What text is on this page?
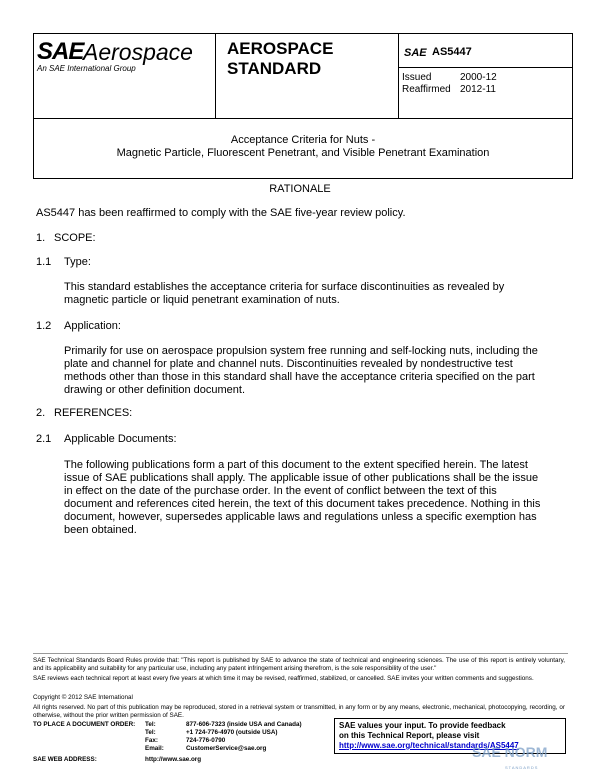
SAE Aerospace
An SAE International Group
AEROSPACE
STANDARD
SAE AS5447
Issued	2000-12
Reaffirmed 2012-11
Acceptance Criteria for Nuts -
Magnetic Particle, Fluorescent Penetrant, and Visible Penetrant Examination
RATIONALE
AS5447 has been reaffirmed to comply with the SAE five-year review policy.
1. SCOPE:
1.1 Type:
This standard establishes the acceptance criteria for surface discontinuities as revealed by magnetic particle or liquid penetrant examination of nuts.
1.2 Application:
Primarily for use on aerospace propulsion system free running and self-locking nuts, including the plate and channel for plate and channel nuts. Discontinuities revealed by nondestructive test methods other than those in this standard shall have the acceptance criteria specified on the part drawing or other definition document.
2. REFERENCES:
2.1 Applicable Documents:
The following publications form a part of this document to the extent specified herein. The latest issue of SAE publications shall apply. The applicable issue of other publications shall be the issue in effect on the date of the purchase order. In the event of conflict between the text of this document and references cited herein, the text of this document takes precedence. Nothing in this document, however, supersedes applicable laws and regulations unless a specific exemption has been obtained.
SAE Technical Standards Board Rules provide that: "This report is published by SAE to advance the state of technical and engineering sciences. The use of this report is entirely voluntary, and its applicability and suitability for any particular use, including any patent infringement arising therefrom, is the sole responsibility of the user."
SAE reviews each technical report at least every five years at which time it may be revised, reaffirmed, stabilized, or cancelled. SAE invites your written comments and suggestions.
Copyright © 2012 SAE International
All rights reserved. No part of this publication may be reproduced, stored in a retrieval system or transmitted, in any form or by any means, electronic, mechanical, photocopying, recording, or otherwise, without the prior written permission of SAE.
TO PLACE A DOCUMENT ORDER: Tel:	877-606-7323 (inside USA and Canada)
Tel:	+1 724-776-4970 (outside USA)
Fax:	724-776-0790
Email:	CustomerService@sae.org
SAE WEB ADDRESS:	http://www.sae.org
SAE values your input. To provide feedback
on this Technical Report, please visit
http://www.sae.org/technical/standards/AS5447
SAE NORM
STANDARDS
